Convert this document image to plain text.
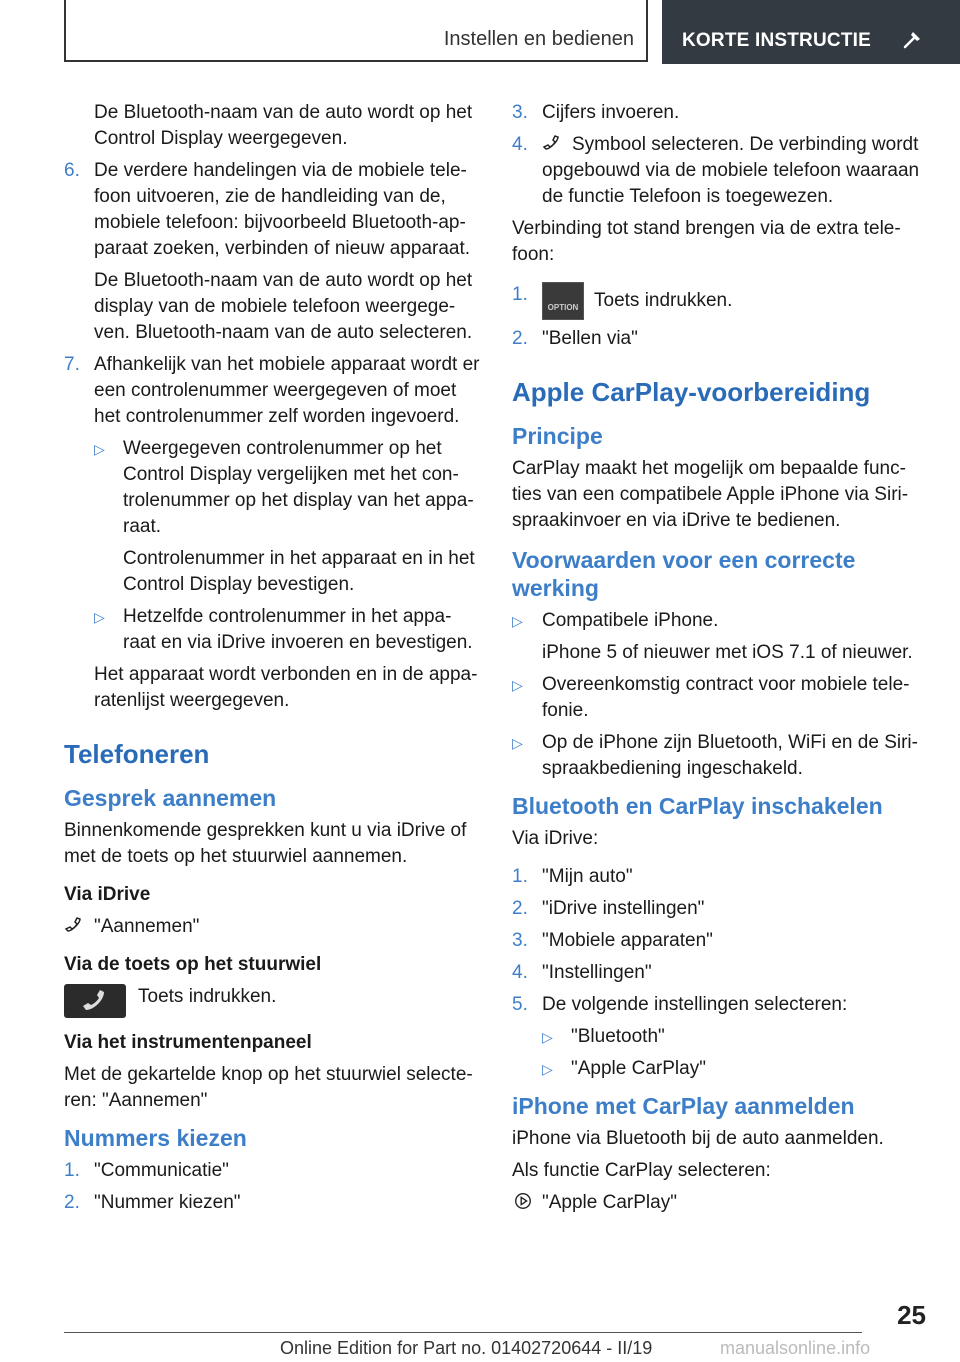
Instellen en bedienen	KORTE INSTRUCTIE

De Bluetooth-naam van de auto wordt op het Control Display weergegeven.

6. De verdere handelingen via de mobiele tele-foon uitvoeren, zie de handleiding van de, mobiele telefoon: bijvoorbeeld Bluetooth-ap-paraat zoeken, verbinden of nieuw apparaat.

De Bluetooth-naam van de auto wordt op het display van de mobiele telefoon weergege-ven. Bluetooth-naam van de auto selecteren.

7. Afhankelijk van het mobiele apparaat wordt er een controlenummer weergegeven of moet het controlenummer zelf worden ingevoerd.
▷ Weergegeven controlenummer op het Control Display vergelijken met het con-trolenummer op het display van het appa-raat.

Controlenummer in het apparaat en in het Control Display bevestigen.

▷ Hetzelfde controlenummer in het appa-raat en via iDrive invoeren en bevestigen.

Het apparaat wordt verbonden en in de appa-ratenlijst weergegeven.

Telefoneren
Gesprek aannemen

Binnenkomende gesprekken kunt u via iDrive of met de toets op het stuurwiel aannemen.

Via iDrive

"Aannemen"

Via de toets op het stuurwiel

Toets indrukken.

Via het instrumentenpaneel

Met de gekartelde knop op het stuurwiel selecte-ren: "Aannemen"

Nummers kiezen
1. "Communicatie"
2. "Nummer kiezen"
3. Cijfers invoeren.
4. Symbool selecteren. De verbinding wordt opgebouwd via de mobiele telefoon waaraan de functie Telefoon is toegewezen.

Verbinding tot stand brengen via de extra tele-foon:

1.
OPTION Toets indrukken.
2. "Bellen via"
Apple CarPlay-voorbereiding
Principe

CarPlay maakt het mogelijk om bepaalde func-ties van een compatibele Apple iPhone via Siri-spraakinvoer en via iDrive te bedienen.

Voorwaarden voor een correcte werking
▷ Compatibele iPhone.

iPhone 5 of nieuwer met iOS 7.1 of nieuwer.

▷ Overeenkomstig contract voor mobiele tele-fonie.
▷ Op de iPhone zijn Bluetooth, WiFi en de Siri-spraakbediening ingeschakeld.
Bluetooth en CarPlay inschakelen

Via iDrive:

1. "Mijn auto"
2. "iDrive instellingen"
3. "Mobiele apparaten"
4. "Instellingen"
5. De volgende instellingen selecteren:
▷ "Bluetooth"
▷ "Apple CarPlay"
iPhone met CarPlay aanmelden

iPhone via Bluetooth bij de auto aanmelden.

Als functie CarPlay selecteren:

"Apple CarPlay"

25
Online Edition for Part no. 01402720644 - II/19	manualsonline.info
